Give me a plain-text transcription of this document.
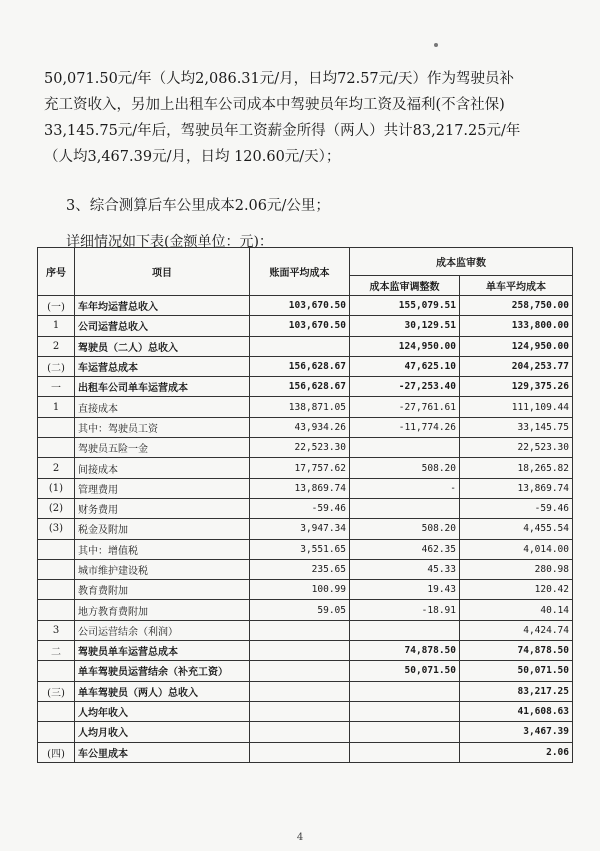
50,071.50元/年（人均2,086.31元/月，日均72.57元/天）作为驾驶员补
充工资收入，另加上出租车公司成本中驾驶员年均工资及福利(不含社保)
33,145.75元/年后，驾驶员年工资薪金所得（两人）共计83,217.25元/年
（人均3,467.39元/月，日均 120.60元/天）；
3、综合测算后车公里成本2.06元/公里；
详细情况如下表(金额单位：元)：
序号	项目	账面平均成本	成本监审数	
			成本监审调整数	单车平均成本
(一)	车年均运营总收入	103,670.50	155,079.51	258,750.00
1	公司运营总收入	103,670.50	30,129.51	133,800.00
2	驾驶员（二人）总收入		124,950.00	124,950.00
(二)	车运营总成本	156,628.67	47,625.10	204,253.77
一	出租车公司单车运营成本	156,628.67	-27,253.40	129,375.26
1	直接成本	138,871.05	-27,761.61	111,109.44
	其中：驾驶员工资	43,934.26	-11,774.26	33,145.75
	驾驶员五险一金	22,523.30		22,523.30
2	间接成本	17,757.62	508.20	18,265.82
(1)	管理费用	13,869.74	-	13,869.74
(2)	财务费用	-59.46		-59.46
(3)	税金及附加	3,947.34	508.20	4,455.54
	其中：增值税	3,551.65	462.35	4,014.00
	城市维护建设税	235.65	45.33	280.98
	教育费附加	100.99	19.43	120.42
	地方教育费附加	59.05	-18.91	40.14
3	公司运营结余（利润）			4,424.74
二	驾驶员单车运营总成本		74,878.50	74,878.50
	单车驾驶员运营结余（补充工资）		50,071.50	50,071.50
(三)	单车驾驶员（两人）总收入			83,217.25
	人均年收入			41,608.63
	人均月收入			3,467.39
(四)	车公里成本			2.06
4
